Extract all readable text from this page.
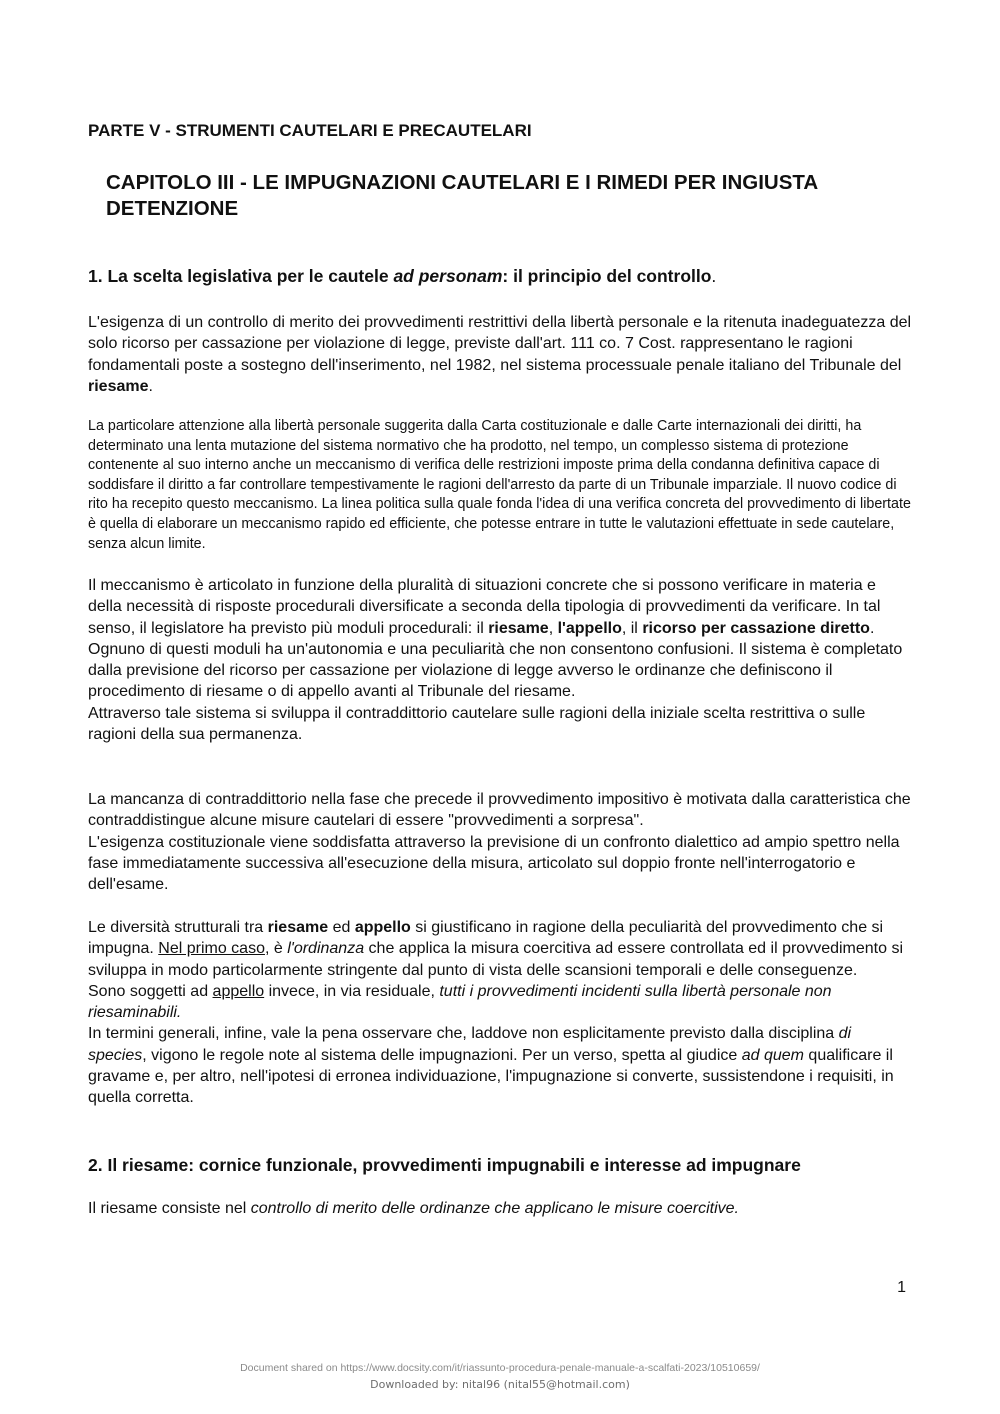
PARTE V - STRUMENTI CAUTELARI E PRECAUTELARI
CAPITOLO III - LE IMPUGNAZIONI CAUTELARI E I RIMEDI PER INGIUSTA DETENZIONE
1. La scelta legislativa per le cautele ad personam: il principio del controllo.
L'esigenza di un controllo di merito dei provvedimenti restrittivi della libertà personale e la ritenuta inadeguatezza del solo ricorso per cassazione per violazione di legge, previste dall'art. 111 co. 7 Cost. rappresentano le ragioni fondamentali poste a sostegno dell'inserimento, nel 1982, nel sistema processuale penale italiano del Tribunale del riesame.
La particolare attenzione alla libertà personale suggerita dalla Carta costituzionale e dalle Carte internazionali dei diritti, ha determinato una lenta mutazione del sistema normativo che ha prodotto, nel tempo, un complesso sistema di protezione contenente al suo interno anche un meccanismo di verifica delle restrizioni imposte prima della condanna definitiva capace di soddisfare il diritto a far controllare tempestivamente le ragioni dell'arresto da parte di un Tribunale imparziale. Il nuovo codice di rito ha recepito questo meccanismo. La linea politica sulla quale fonda l'idea di una verifica concreta del provvedimento di libertate è quella di elaborare un meccanismo rapido ed efficiente, che potesse entrare in tutte le valutazioni effettuate in sede cautelare, senza alcun limite.

Il meccanismo è articolato in funzione della pluralità di situazioni concrete che si possono verificare in materia e della necessità di risposte procedurali diversificate a seconda della tipologia di provvedimenti da verificare. In tal senso, il legislatore ha previsto più moduli procedurali: il riesame, l'appello, il ricorso per cassazione diretto.

Ognuno di questi moduli ha un'autonomia e una peculiarità che non consentono confusioni. Il sistema è completato dalla previsione del ricorso per cassazione per violazione di legge avverso le ordinanze che definiscono il procedimento di riesame o di appello avanti al Tribunale del riesame.

Attraverso tale sistema si sviluppa il contraddittorio cautelare sulle ragioni della iniziale scelta restrittiva o sulle ragioni della sua permanenza.

La mancanza di contraddittorio nella fase che precede il provvedimento impositivo è motivata dalla caratteristica che contraddistingue alcune misure cautelari di essere "provvedimenti a sorpresa".

L'esigenza costituzionale viene soddisfatta attraverso la previsione di un confronto dialettico ad ampio spettro nella fase immediatamente successiva all'esecuzione della misura, articolato sul doppio fronte nell'interrogatorio e dell'esame.

Le diversità strutturali tra riesame ed appello si giustificano in ragione della peculiarità del provvedimento che si impugna. Nel primo caso, è l'ordinanza che applica la misura coercitiva ad essere controllata ed il provvedimento si sviluppa in modo particolarmente stringente dal punto di vista delle scansioni temporali e delle conseguenze.

Sono soggetti ad appello invece, in via residuale, tutti i provvedimenti incidenti sulla libertà personale non riesaminabili.

In termini generali, infine, vale la pena osservare che, laddove non esplicitamente previsto dalla disciplina di species, vigono le regole note al sistema delle impugnazioni. Per un verso, spetta al giudice ad quem qualificare il gravame e, per altro, nell'ipotesi di erronea individuazione, l'impugnazione si converte, sussistendone i requisiti, in quella corretta.

2. Il riesame: cornice funzionale, provvedimenti impugnabili e interesse ad impugnare
Il riesame consiste nel controllo di merito delle ordinanze che applicano le misure coercitive.
1
Document shared on https://www.docsity.com/it/riassunto-procedura-penale-manuale-a-scalfati-2023/10510659/
Downloaded by: nital96 (nital55@hotmail.com)
